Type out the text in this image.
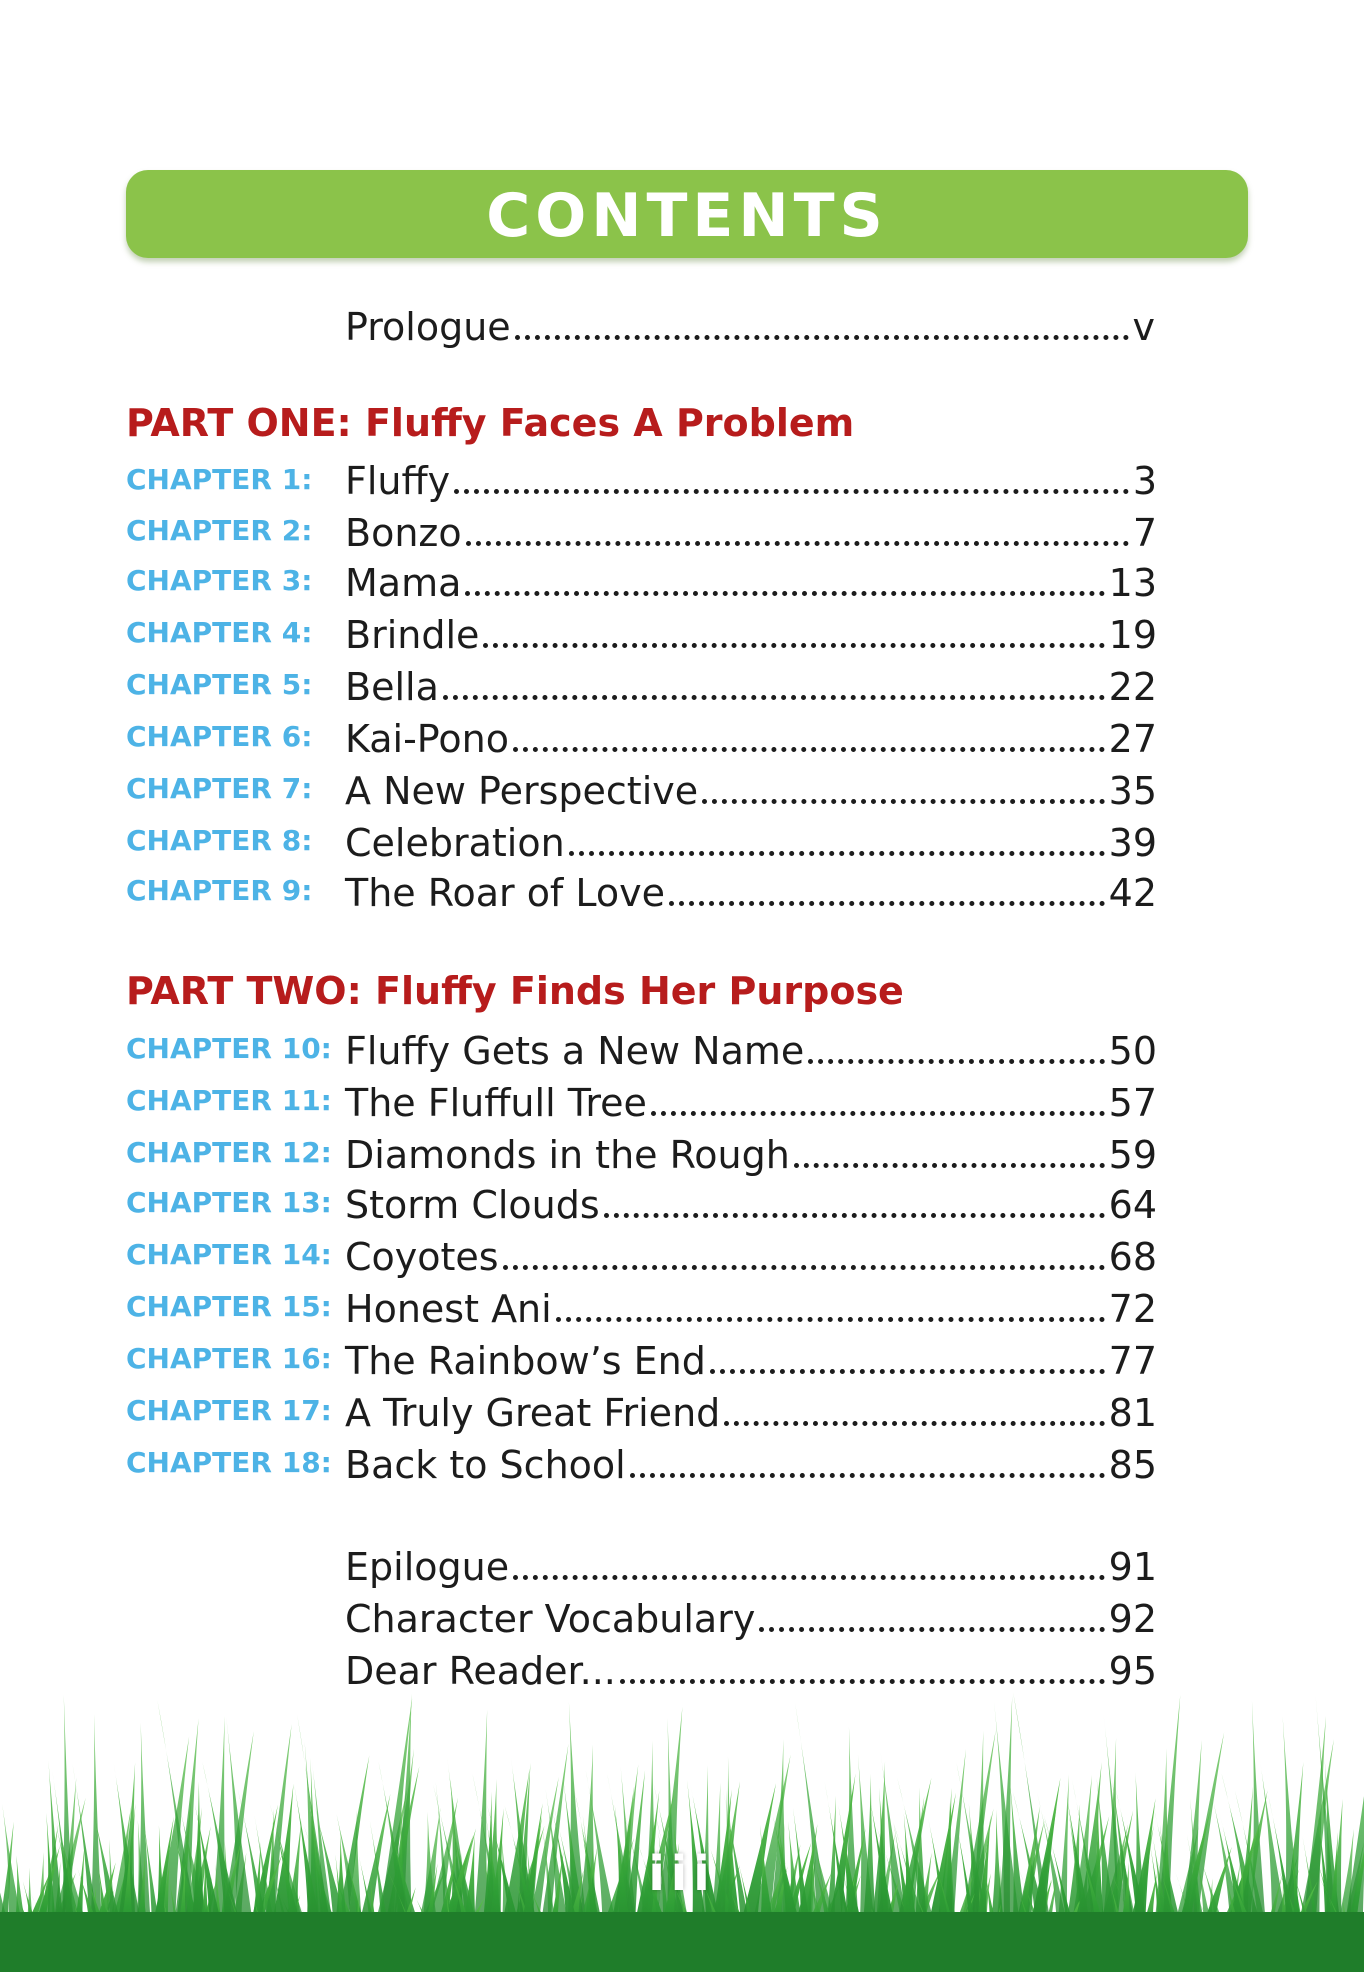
CONTENTS
Prologue	v
PART ONE: Fluffy Faces A Problem
CHAPTER 1: Fluffy	3
CHAPTER 2: Bonzo	7
CHAPTER 3: Mama	13
CHAPTER 4: Brindle	19
CHAPTER 5: Bella	22
CHAPTER 6: Kai-Pono	27
CHAPTER 7: A New Perspective	35
CHAPTER 8: Celebration	39
CHAPTER 9: The Roar of Love	42
PART TWO: Fluffy Finds Her Purpose
CHAPTER 10: Fluffy Gets a New Name	50
CHAPTER 11: The Fluffull Tree	57
CHAPTER 12: Diamonds in the Rough	59
CHAPTER 13: Storm Clouds	64
CHAPTER 14: Coyotes	68
CHAPTER 15: Honest Ani	72
CHAPTER 16: The Rainbow’s End	77
CHAPTER 17: A Truly Great Friend	81
CHAPTER 18: Back to School	85
Epilogue	91
Character Vocabulary	92
Dear Reader...	95
iii
